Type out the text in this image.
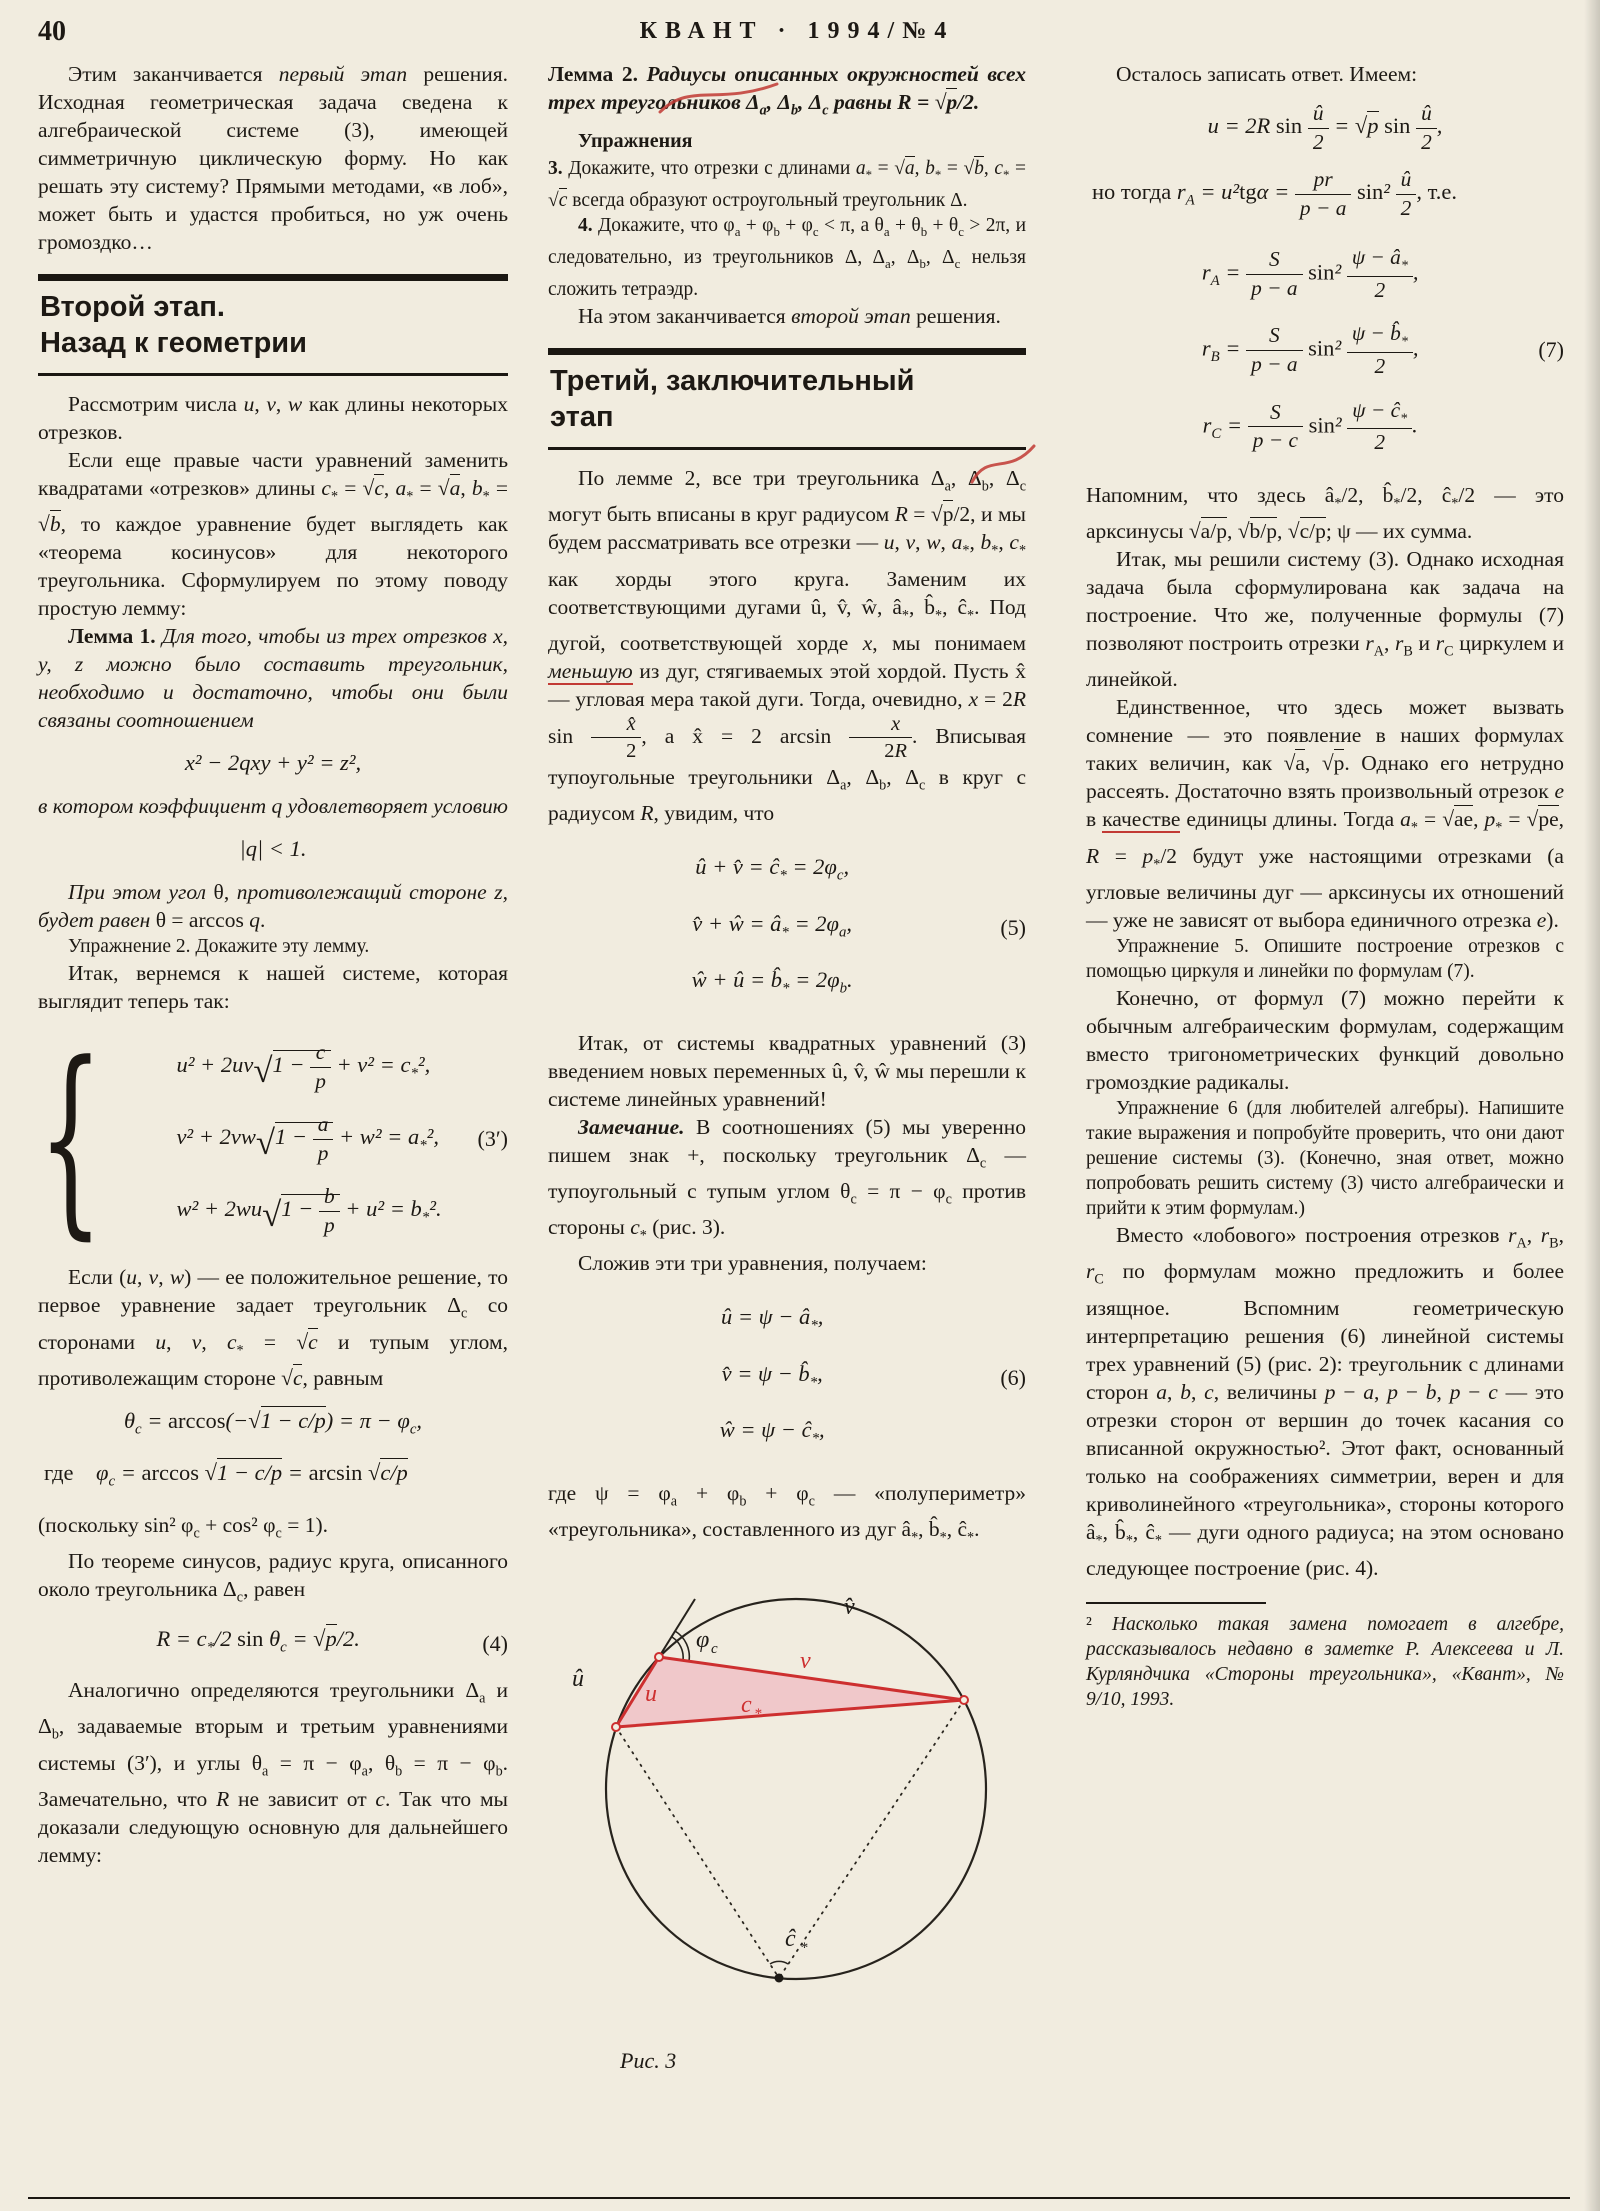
40	КВАНТ · 1994/№4

Этим заканчивается первый этап решения. Исходная геометрическая задача сведена к алгебраической системе (3), имеющей симметричную циклическую форму. Но как решать эту систему? Прямыми методами, «в лоб», может быть и удастся пробиться, но уж очень громоздко…

Второй этап.
Назад к геометрии

Рассмотрим числа u, v, w как длины некоторых отрезков.

Если еще правые части уравнений заменить квадратами «отрезков» длины $c_* = √c$, $a_* = √a$, $b_* = √b$, то каждое уравнение будет выглядеть как «теорема косинусов» для некоторого треугольника. Сформулируем по этому поводу простую лемму:

Лемма 1. Для того, чтобы из трех отрезков x, y, z можно было составить треугольник, необходимо и достаточно, чтобы они были связаны соотношением

x² − 2qxy + y² = z²,

в котором коэффициент q удовлетворяет условию

|q| < 1.

При этом угол θ, противолежащий стороне z, будет равен θ = arccos q.

Упражнение 2. Докажите эту лемму.

Итак, вернемся к нашей системе, которая выглядит теперь так:

{	$u^2 + 2uv√1 - \frac{c}{p} + v^2 = c_*^2$,
$v^2 + 2vw√1 - \frac{a}{p} + w^2 = a_*^2$,
$w^2 + 2wu√1 - \frac{b}{p} + u^2 = b_*^2$.
(3′)

Если (u, v, w) — ее положительное решение, то первое уравнение задает треугольник $\Delta_c$ со сторонами u, v, $c_* = √c$ и тупым углом, противолежащим стороне √c, равным

$\theta_c = \arccos(-√1 - c/p) = \pi - \varphi_c$,
где    $\varphi_c = \arccos √1 - c/p = \arcsin √c/p$

(поскольку sin² $\varphi_c + \cos^2$ $\varphi_c = 1$).

По теореме синусов, радиус круга, описанного около треугольника $\Delta_c$, равен

$R = c_*/2$ $\sin \theta_c = √p/2$.	(4)

Аналогично определяются треугольники $\Delta_a$ и $\Delta_b$, задаваемые вторым и третьим уравнениями системы (3′), и углы $\theta_a = \pi - \varphi_a$, $\theta_b = \pi - \varphi_b$. Замечательно, что R не зависит от c. Так что мы доказали следующую основную для дальнейшего лемму:

Лемма 2. Радиусы описанных окружностей всех трех треугольников $\Delta_a$, $\Delta_b$, $\Delta_c$ равны R = √p/2.

Упражнения

3. Докажите, что отрезки с длинами $a_* = √a$, $b_* = √b$, $c_* = √c$ всегда образуют остроугольный треугольник Δ.

4. Докажите, что $\varphi_a + \varphi_b + \varphi_c < \pi$, а $\theta_a + \theta_b + \theta_c > 2\pi$, и следовательно, из треугольников Δ, $\Delta_a$, $\Delta_b$, $\Delta_c$ нельзя сложить тетраэдр.

На этом заканчивается второй этап решения.

Третий, заключительный
этап

По лемме 2, все три треугольника $\Delta_a$, $\Delta_b$, $\Delta_c$ могут быть вписаны в круг радиусом R = √p/2, и мы будем рассматривать все отрезки — u, v, w, $a_*$, $b_*$, $c_*$ как хорды этого круга. Заменим их соответствующими дугами û, v̂, ŵ, $â_*$, $b̂_*$, $ĉ_*$. Под дугой, соответствующей хорде x, мы понимаем меньшую из дуг, стягиваемых этой хордой. Пусть x̂ — угловая мера такой дуги. Тогда, очевидно, x = 2R $\sin \frac{x̂}{2}$ , а x̂ = 2 $\arcsin \frac{x}{2R}$ . Вписывая тупоугольные треугольники $\Delta_a$, $\Delta_b$, $\Delta_c$ в круг с радиусом R, увидим, что

û + v̂ = $ĉ_* = 2\varphi_c$,
v̂ + ŵ = $â_* = 2\varphi_a$,
ŵ + û = $b̂_* = 2\varphi_b$.
(5)

Итак, от системы квадратных уравнений (3) введением новых переменных û, v̂, ŵ мы перешли к системе линейных уравнений!

Замечание. В соотношениях (5) мы уверенно пишем знак +, поскольку треугольник $\Delta_c$ — тупоугольный с тупым углом $\theta_c = \pi - \varphi_c$ против стороны $c_*$ (рис. 3).

Сложив эти три уравнения, получаем:

û = $\psi - â_*$,
v̂ = $\psi - b̂_*$,
ŵ = $\psi - ĉ_*$,
(6)

где $\psi = \varphi_a + \varphi_b + \varphi_c$ — «полупериметр» «треугольника», составленного из дуг $â_*$, $b̂_*$, $ĉ_*$.

v̂
û
φ c	v
u	c *
ĉ *
Рис. 3

Осталось записать ответ. Имеем:

u = 2R $\sin \frac{û}{2} = √p$ $\sin \frac{û}{2}$ ,
но тогда $r_A = u^2tg\alpha = \frac{pr}{p - a} \sin^2 \frac{û}{2}$ , т.е.
$r_A = \frac{S}{p - a} \sin^2 \frac{\psi - â_*}{2}$ ,
$r_B = \frac{S}{p - a} \sin^2 \frac{\psi - b̂_*}{2}$ ,
$r_C = \frac{S}{p - c} \sin^2 \frac{\psi - ĉ_*}{2}$ .
(7)

Напомним, что здесь $â_*/2$, $b̂_*/2$, $ĉ_*/2$ — это арксинусы √a/p, √b/p, √c/p; ψ — их сумма.

Итак, мы решили систему (3). Однако исходная задача была сформулирована как задача на построение. Что же, полученные формулы (7) позволяют построить отрезки $r_A$, $r_B$ и $r_C$ циркулем и линейкой.

Единственное, что здесь может вызвать сомнение — это появление в наших формулах таких величин, как √a, √p. Однако его нетрудно рассеять. Достаточно взять произвольный отрезок e в качестве единицы длины. Тогда $a_* = √ae$, $p_* = √pe$, $R = p_*/2$ будут уже настоящими отрезками (а угловые величины дуг — арксинусы их отношений — уже не зависят от выбора единичного отрезка e).

Упражнение 5. Опишите построение отрезков с помощью циркуля и линейки по формулам (7).

Конечно, от формул (7) можно перейти к обычным алгебраическим формулам, содержащим вместо тригонометрических функций довольно громоздкие радикалы.

Упражнение 6 (для любителей алгебры). Напишите такие выражения и попробуйте проверить, что они дают решение системы (3). (Конечно, зная ответ, можно попробовать решить систему (3) чисто алгебраически и прийти к этим формулам.)

Вместо «лобового» построения отрезков $r_A$, $r_B$, $r_C$ по формулам можно предложить и более изящное. Вспомним геометрическую интерпретацию решения (6) линейной системы трех уравнений (5) (рис. 2): треугольник с длинами сторон a, b, c, величины p − a, p − b, p − c — это отрезки сторон от вершин до точек касания со вписанной окружностью². Этот факт, основанный только на соображениях симметрии, верен и для криволинейного «треугольника», стороны которого $â_*$, $b̂_*$, $ĉ_*$ — дуги одного радиуса; на этом основано следующее построение (рис. 4).

² Насколько такая замена помогает в алгебре, рассказывалось недавно в заметке Р. Алексеева и Л. Курляндчика «Стороны треугольника», «Квант», № 9/10, 1993.
